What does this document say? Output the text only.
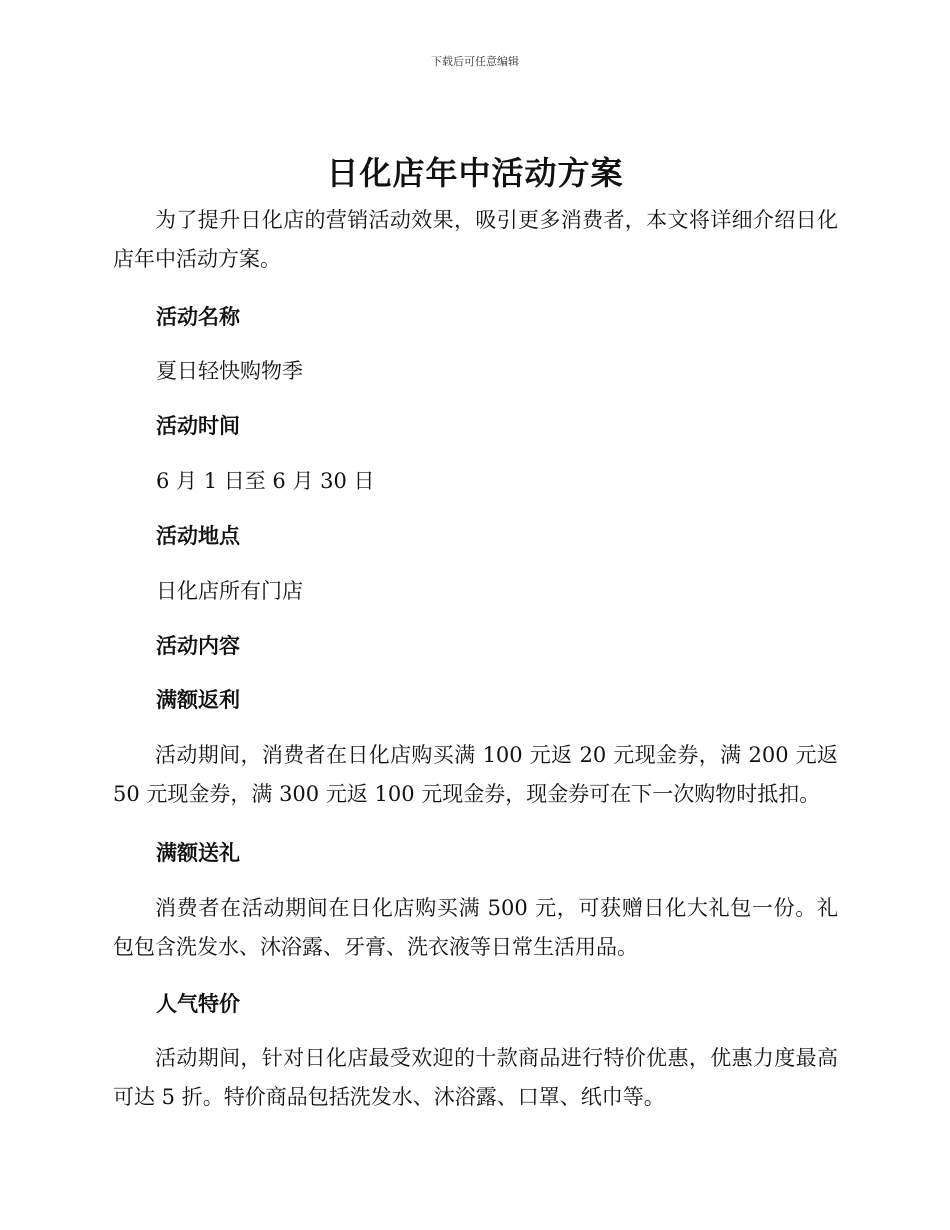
下载后可任意编辑
日化店年中活动方案
为了提升日化店的营销活动效果，吸引更多消费者，本文将详细介绍日化店年中活动方案。
活动名称
夏日轻快购物季
活动时间
6 月 1 日至 6 月 30 日
活动地点
日化店所有门店
活动内容
满额返利
活动期间，消费者在日化店购买满 100 元返 20 元现金券，满 200 元返 50 元现金券，满 300 元返 100 元现金券，现金券可在下一次购物时抵扣。
满额送礼
消费者在活动期间在日化店购买满 500 元，可获赠日化大礼包一份。礼包包含洗发水、沐浴露、牙膏、洗衣液等日常生活用品。
人气特价
活动期间，针对日化店最受欢迎的十款商品进行特价优惠，优惠力度最高可达 5 折。特价商品包括洗发水、沐浴露、口罩、纸巾等。
